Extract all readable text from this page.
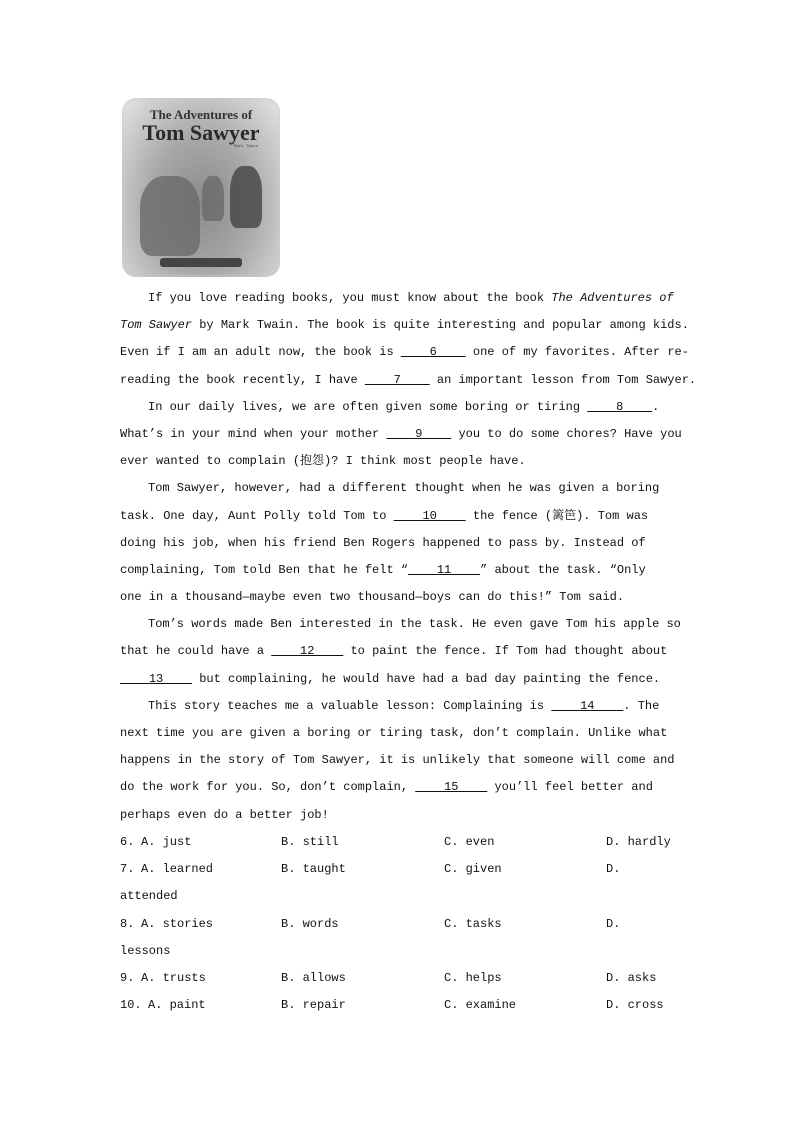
The Adventures of
Tom Sawyer
Mark Twain
If you love reading books, you must know about the book The Adventures of
Tom Sawyer by Mark Twain. The book is quite interesting and popular among kids.
Even if I am an adult now, the book is     6     one of my favorites. After re-
reading the book recently, I have     7     an important lesson from Tom Sawyer.
In our daily lives, we are often given some boring or tiring     8 .
What’s in your mind when your mother     9     you to do some chores? Have you
ever wanted to complain (抱怨)? I think most people have.
Tom Sawyer, however, had a different thought when he was given a boring
task. One day, Aunt Polly told Tom to     10     the fence (篱笆). Tom was
doing his job, when his friend Ben Rogers happened to pass by. Instead of
complaining, Tom told Ben that he felt “ 11 ” about the task. “Only
one in a thousand—maybe even two thousand—boys can do this!” Tom said.
Tom’s words made Ben interested in the task. He even gave Tom his apple so
that he could have a     12     to paint the fence. If Tom had thought about
13     but complaining, he would have had a bad day painting the fence.
This story teaches me a valuable lesson: Complaining is     14 . The
next time you are given a boring or tiring task, don’t complain. Unlike what
happens in the story of Tom Sawyer, it is unlikely that someone will come and
do the work for you. So, don’t complain,     15     you’ll feel better and
perhaps even do a better job!
6. A. just	B. still	C. even	D. hardly
7. A. learned	B. taught	C. given	D.
attended
8. A. stories	B. words	C. tasks	D.
lessons
9. A. trusts	B. allows	C. helps	D. asks
10. A. paint	B. repair	C. examine	D. cross
